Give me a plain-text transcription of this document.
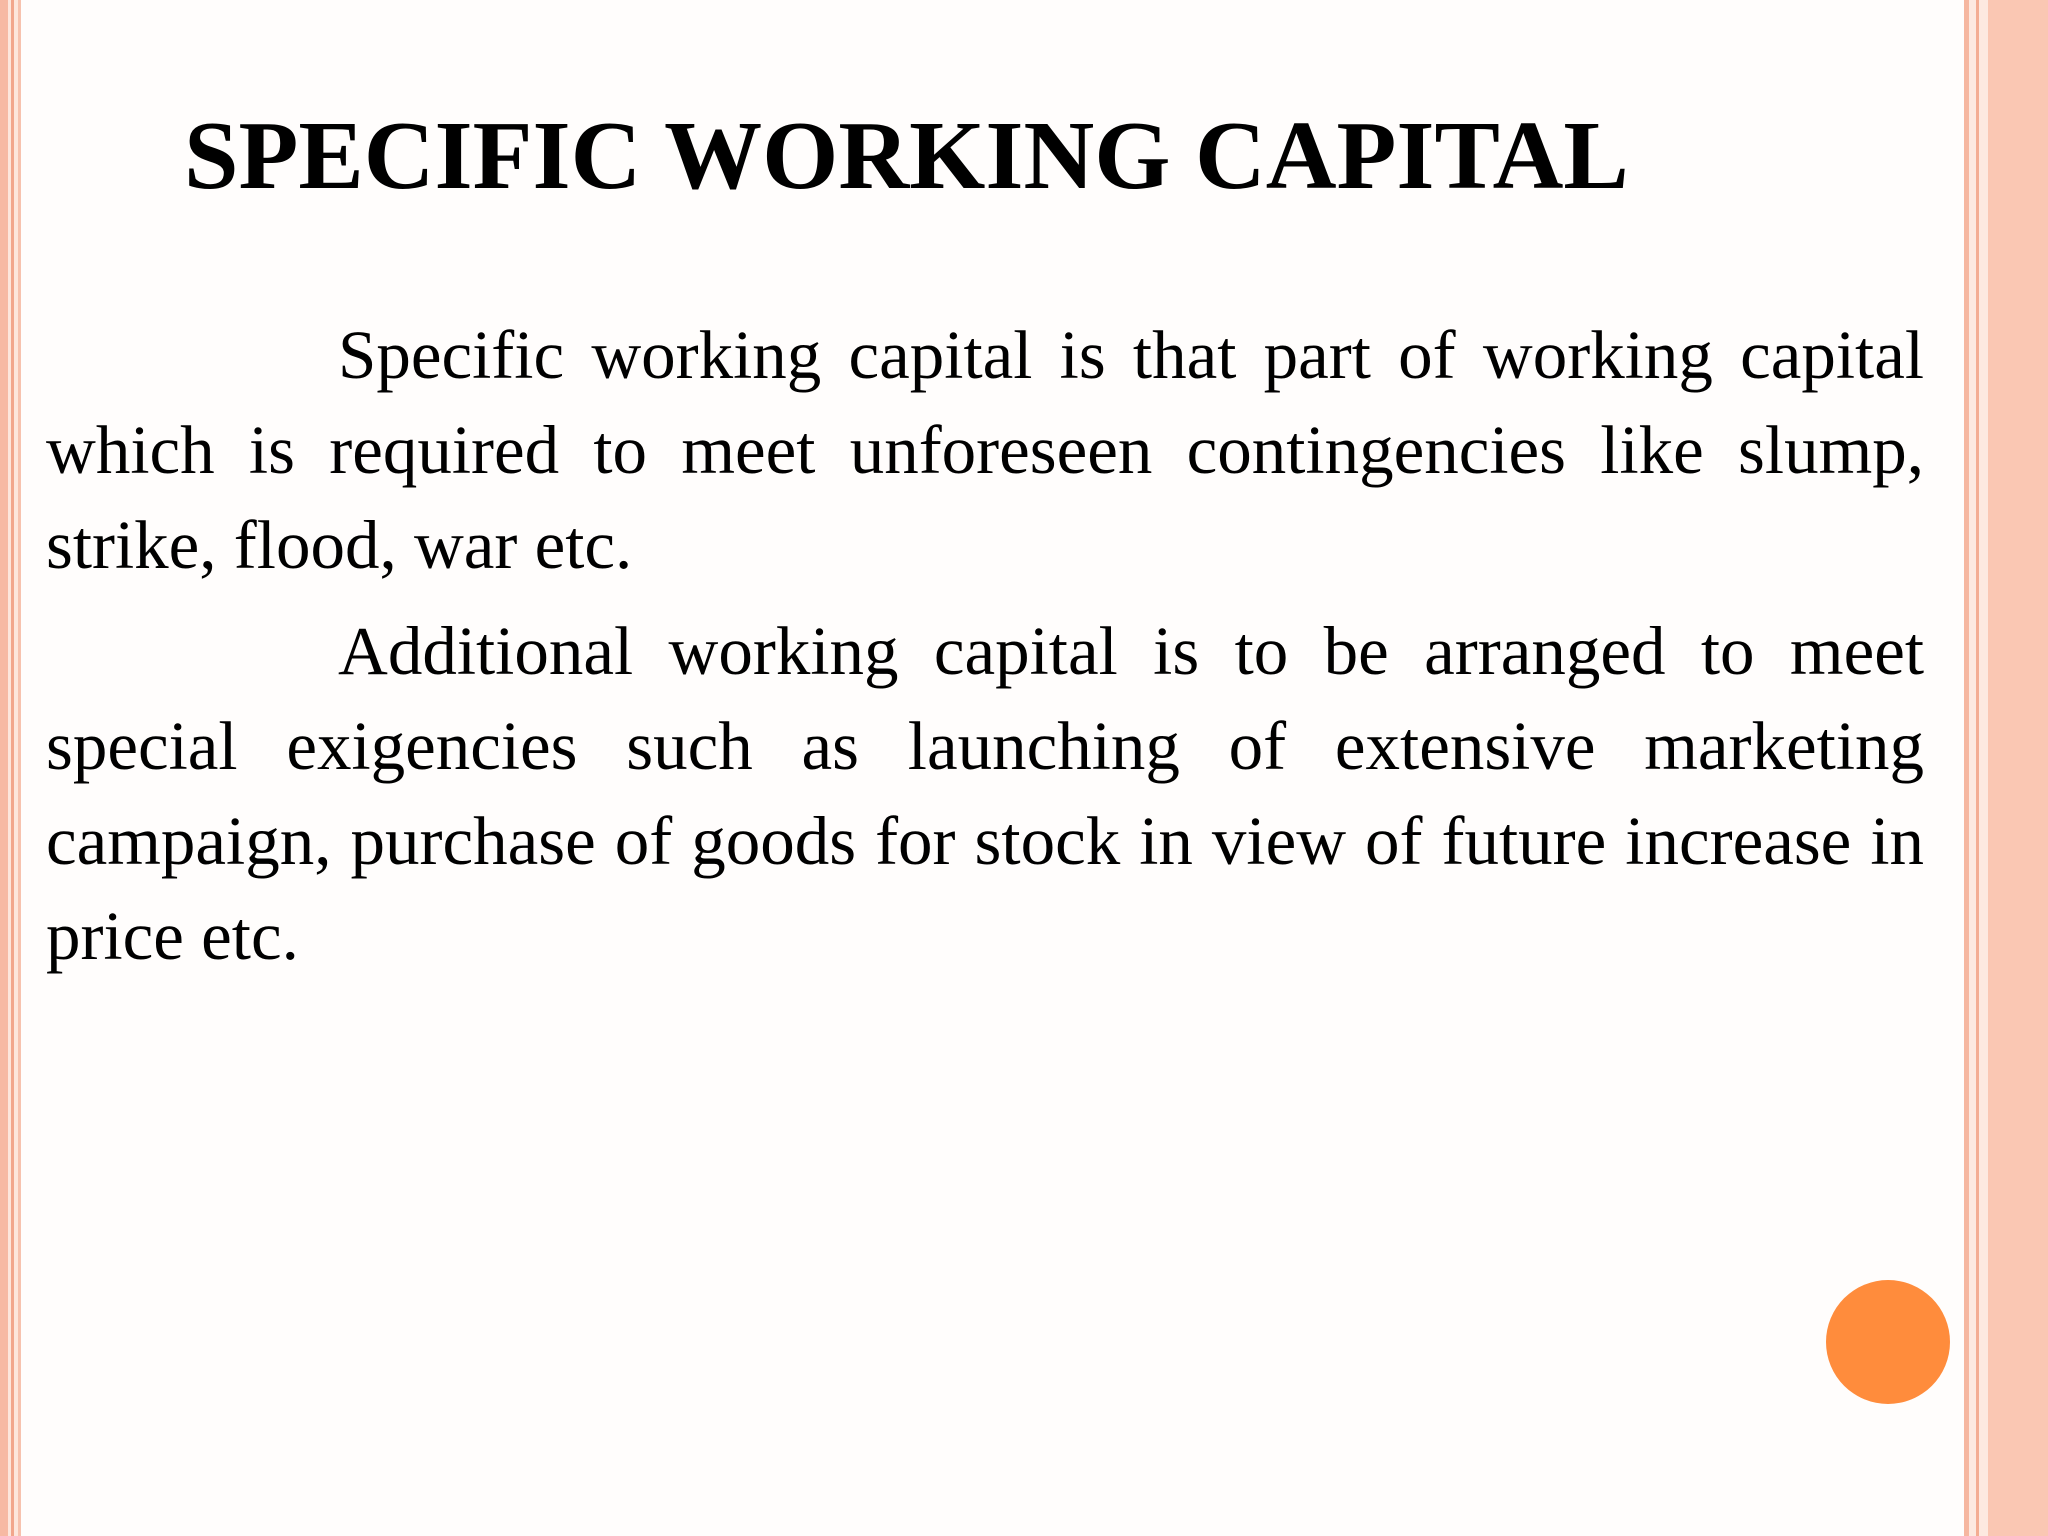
SPECIFIC WORKING CAPITAL

Specific working capital is that part of working capital which is required to meet unforeseen contingencies like slump, strike, flood, war etc.

Additional working capital is to be arranged to meet special exigencies such as launching of extensive marketing campaign, purchase of goods for stock in view of future increase in price etc.
